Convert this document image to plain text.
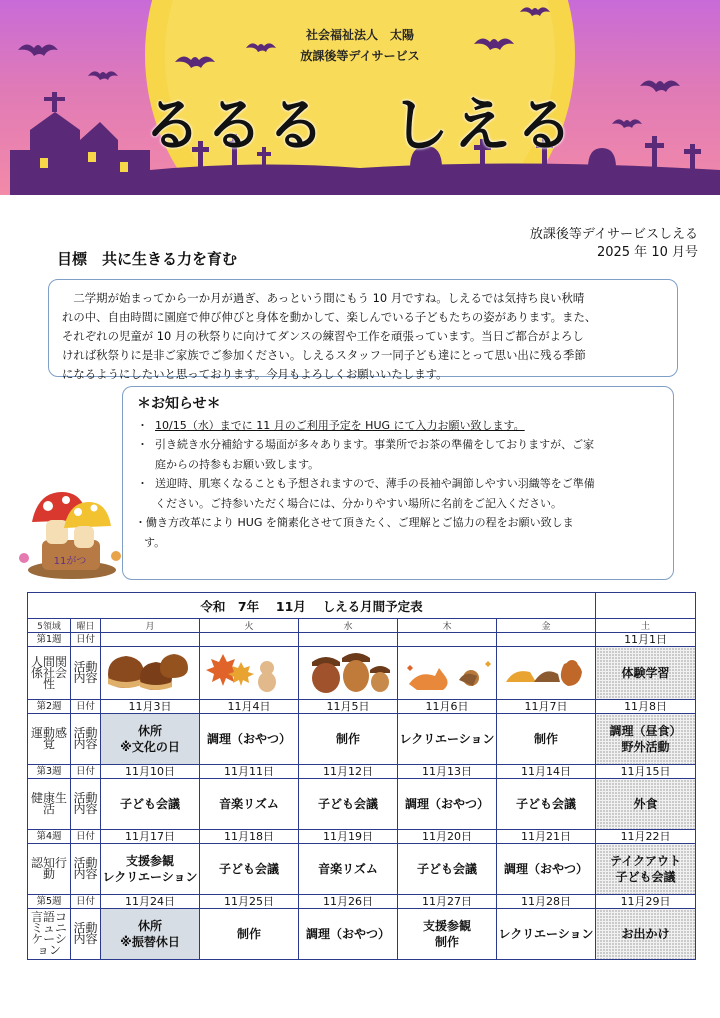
社会福祉法人　太陽
放課後等デイサービス
るるる　しえる
放課後等デイサービスしえる
2025 年 10 月号
目標　共に生きる力を育む
　二学期が始まってから一か月が過ぎ、あっという間にもう 10 月ですね。しえるでは気持ち良い秋晴
れの中、自由時間に園庭で伸び伸びと身体を動かして、楽しんでいる子どもたちの姿があります。また、
それぞれの児童が 10 月の秋祭りに向けてダンスの練習や工作を頑張っています。当日ご都合がよろし
ければ秋祭りに是非ご家族でご参加ください。しえるスタッフ一同子ども達にとって思い出に残る季節
になるようにしたいと思っております。今月もよろしくお願いいたします。
＊お知らせ＊
・ 10/15（水）までに 11 月のご利用予定を HUG にて入力お願い致します。
・ 引き続き水分補給する場面が多々あります。事業所でお茶の準備をしておりますが、ご家
庭からの持参もお願い致します。
・ 送迎時、肌寒くなることも予想されますので、薄手の長袖や調節しやすい羽織等をご準備
ください。ご持参いただく場合には、分かりやすい場所に名前をご記入ください。
・働き方改革により HUG を簡素化させて頂きたく、ご理解とご協力の程をお願い致しま
す。
11がつ
令和　7年　 11月　 しえる月間予定表							
5領域	曜日	月	火	水	木	金	土
第1週	日付						11月1日
人間関係社会性	活動内容						体験学習
第2週	日付	11月3日	11月4日	11月5日	11月6日	11月7日	11月8日
運動感覚	活動内容	休所
※文化の日	調理（おやつ）	制作	レクリエーション	制作	調理（昼食）
野外活動
第3週	日付	11月10日	11月11日	11月12日	11月13日	11月14日	11月15日
健康生活	活動内容	子ども会議	音楽リズム	子ども会議	調理（おやつ）	子ども会議	外食
第4週	日付	11月17日	11月18日	11月19日	11月20日	11月21日	11月22日
認知行動	活動内容	支援参観
レクリエーション	子ども会議	音楽リズム	子ども会議	調理（おやつ）	テイクアウト
子ども会議
第5週	日付	11月24日	11月25日	11月26日	11月27日	11月28日	11月29日
言語コミュニケーション	活動内容	休所
※振替休日	制作	調理（おやつ）	支援参観
制作	レクリエーション	お出かけ
